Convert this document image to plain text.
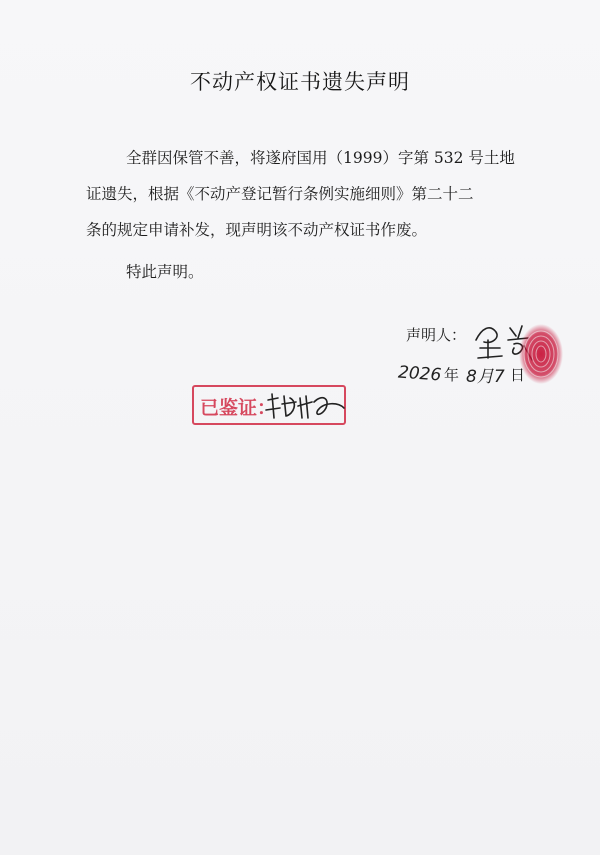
不动产权证书遗失声明
全群因保管不善，将遂府国用（1999）字第 532 号土地
证遗失，根据《不动产登记暂行条例实施细则》第二十二
条的规定申请补发，现声明该不动产权证书作废。
特此声明。
声明人：
2026 年 8月7 日
已鉴证：
